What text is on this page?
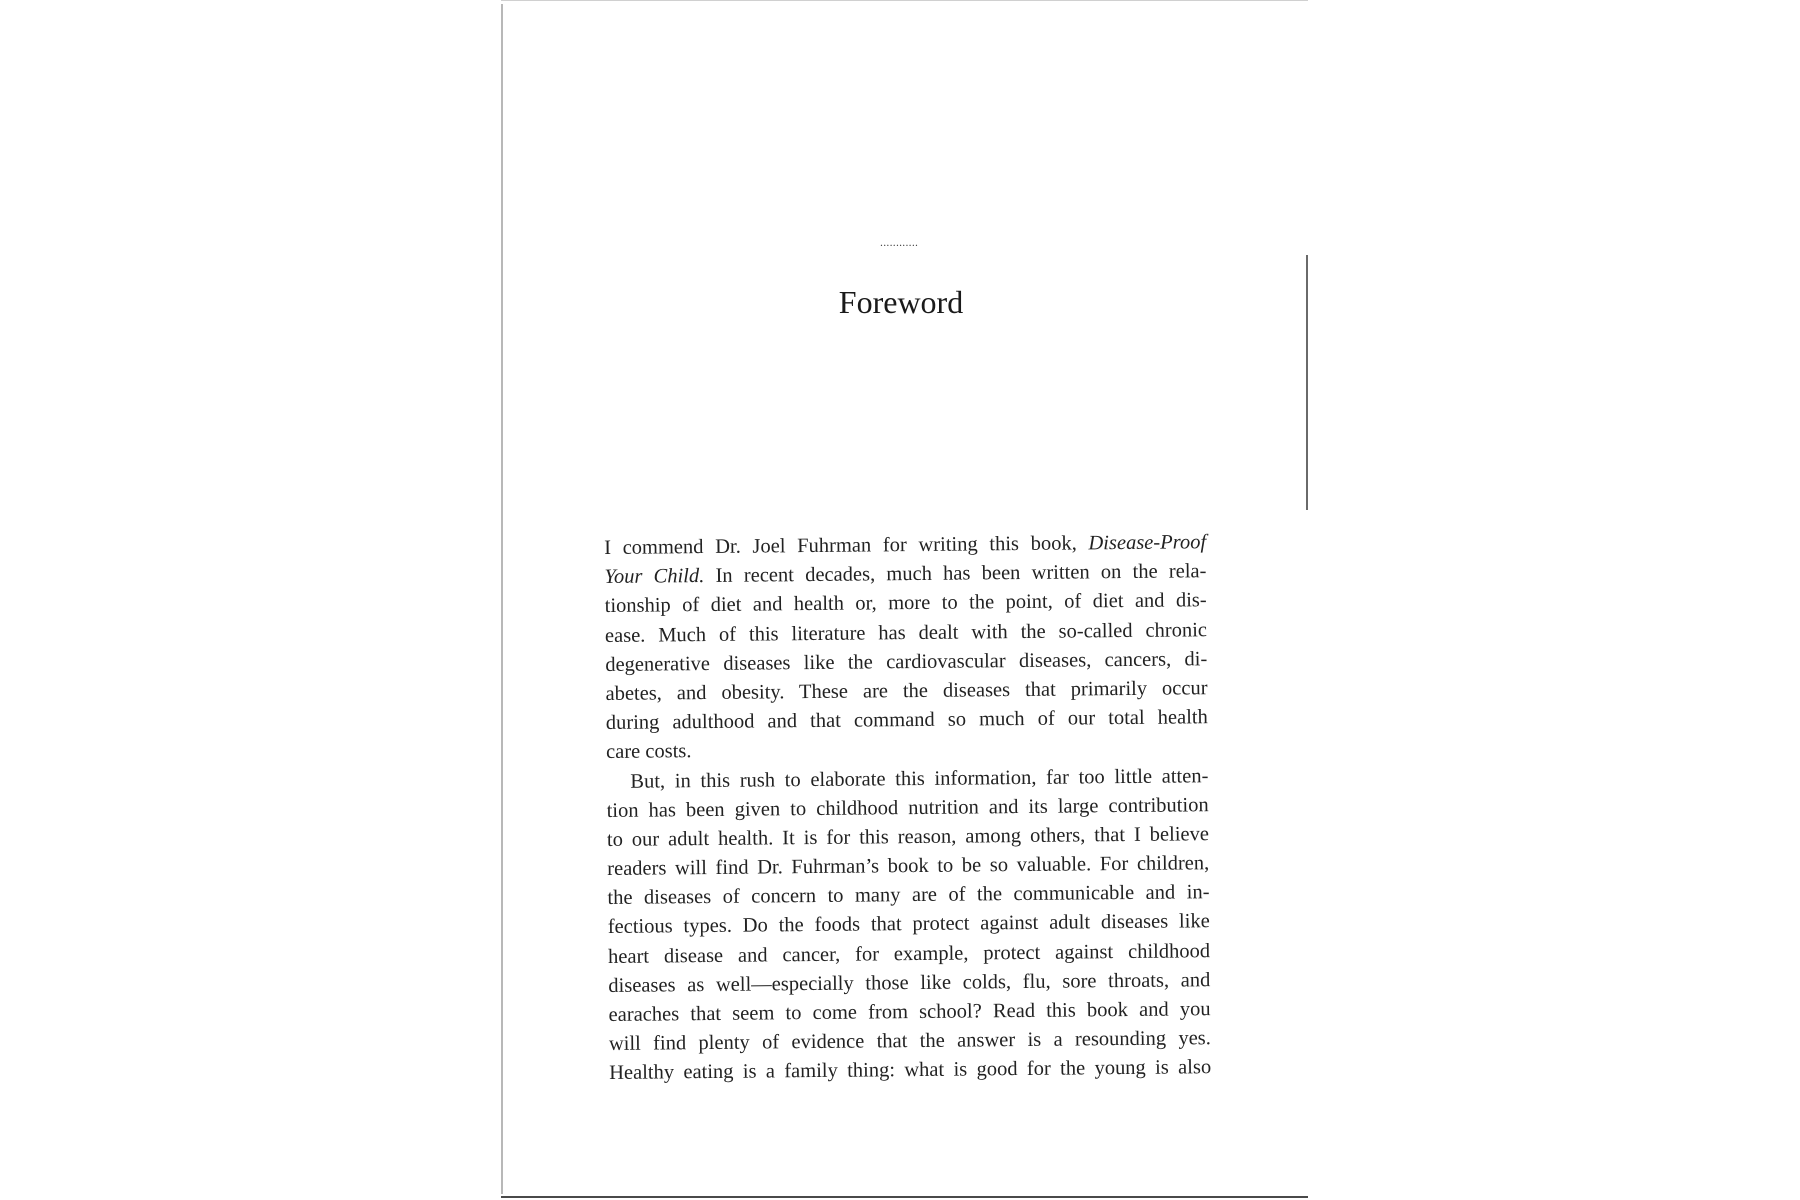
............
Foreword
I commend Dr. Joel Fuhrman for writing this book, Disease-Proof
Your Child. In recent decades, much has been written on the rela-
tionship of diet and health or, more to the point, of diet and dis-
ease. Much of this literature has dealt with the so-called chronic
degenerative diseases like the cardiovascular diseases, cancers, di-
abetes, and obesity. These are the diseases that primarily occur
during adulthood and that command so much of our total health
care costs.
But, in this rush to elaborate this information, far too little atten-
tion has been given to childhood nutrition and its large contribution
to our adult health. It is for this reason, among others, that I believe
readers will find Dr. Fuhrman’s book to be so valuable. For children,
the diseases of concern to many are of the communicable and in-
fectious types. Do the foods that protect against adult diseases like
heart disease and cancer, for example, protect against childhood
diseases as well—especially those like colds, flu, sore throats, and
earaches that seem to come from school? Read this book and you
will find plenty of evidence that the answer is a resounding yes.
Healthy eating is a family thing: what is good for the young is also
